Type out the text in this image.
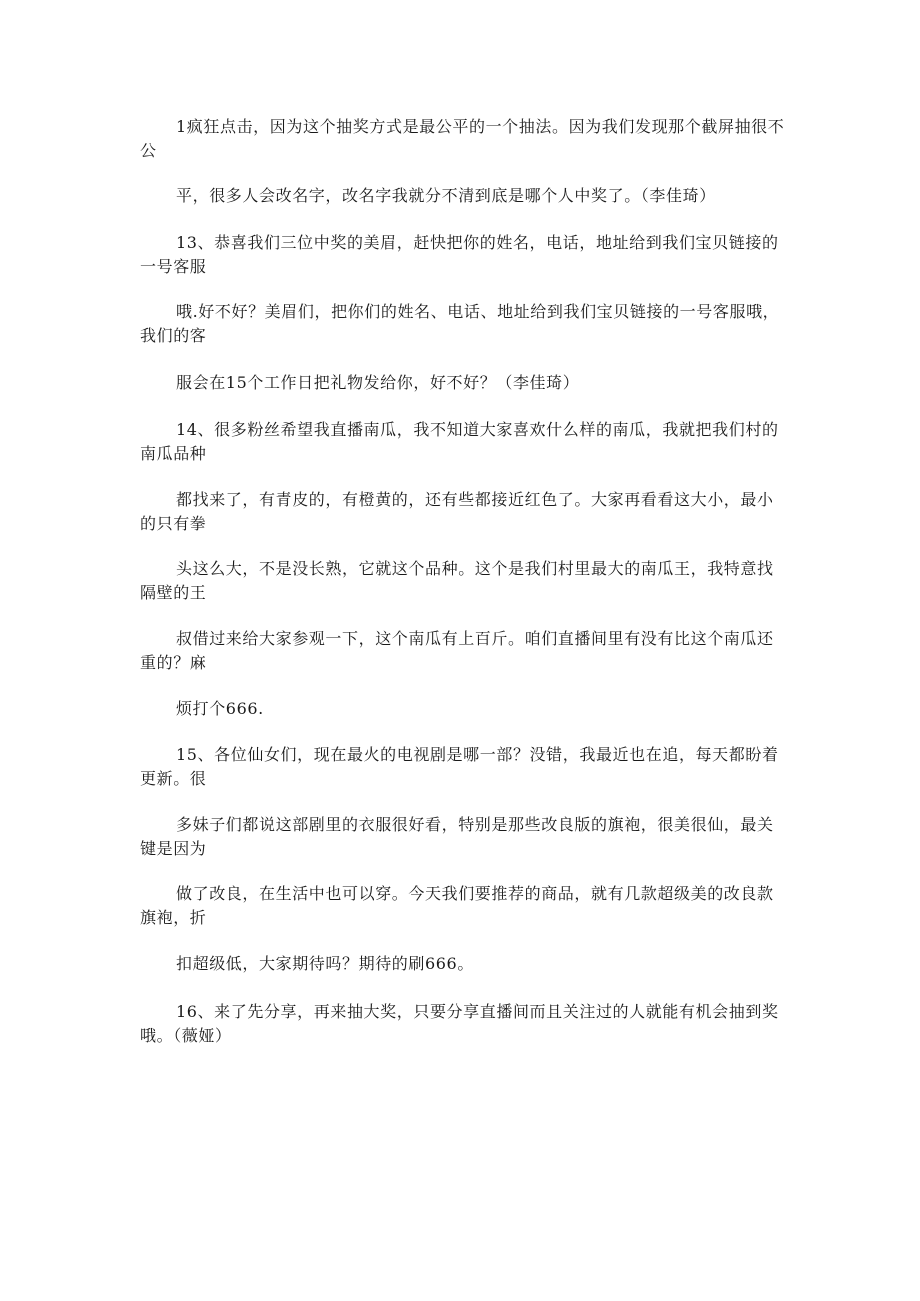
1疯狂点击，因为这个抽奖方式是最公平的一个抽法。因为我们发现那个截屏抽很不公

平，很多人会改名字，改名字我就分不清到底是哪个人中奖了。（李佳琦）

13、恭喜我们三位中奖的美眉，赶快把你的姓名，电话，地址给到我们宝贝链接的一号客服

哦.好不好？美眉们，把你们的姓名、电话、地址给到我们宝贝链接的一号客服哦，我们的客

服会在15个工作日把礼物发给你，好不好？（李佳琦）

14、很多粉丝希望我直播南瓜，我不知道大家喜欢什么样的南瓜，我就把我们村的南瓜品种

都找来了，有青皮的，有橙黄的，还有些都接近红色了。大家再看看这大小，最小的只有拳

头这么大，不是没长熟，它就这个品种。这个是我们村里最大的南瓜王，我特意找隔壁的王

叔借过来给大家参观一下，这个南瓜有上百斤。咱们直播间里有没有比这个南瓜还重的？麻

烦打个666.

15、各位仙女们，现在最火的电视剧是哪一部？没错，我最近也在追，每天都盼着更新。很

多妹子们都说这部剧里的衣服很好看，特别是那些改良版的旗袍，很美很仙，最关键是因为

做了改良，在生活中也可以穿。今天我们要推荐的商品，就有几款超级美的改良款旗袍，折

扣超级低，大家期待吗？期待的刷666。

16、来了先分享，再来抽大奖，只要分享直播间而且关注过的人就能有机会抽到奖哦。（薇娅）
